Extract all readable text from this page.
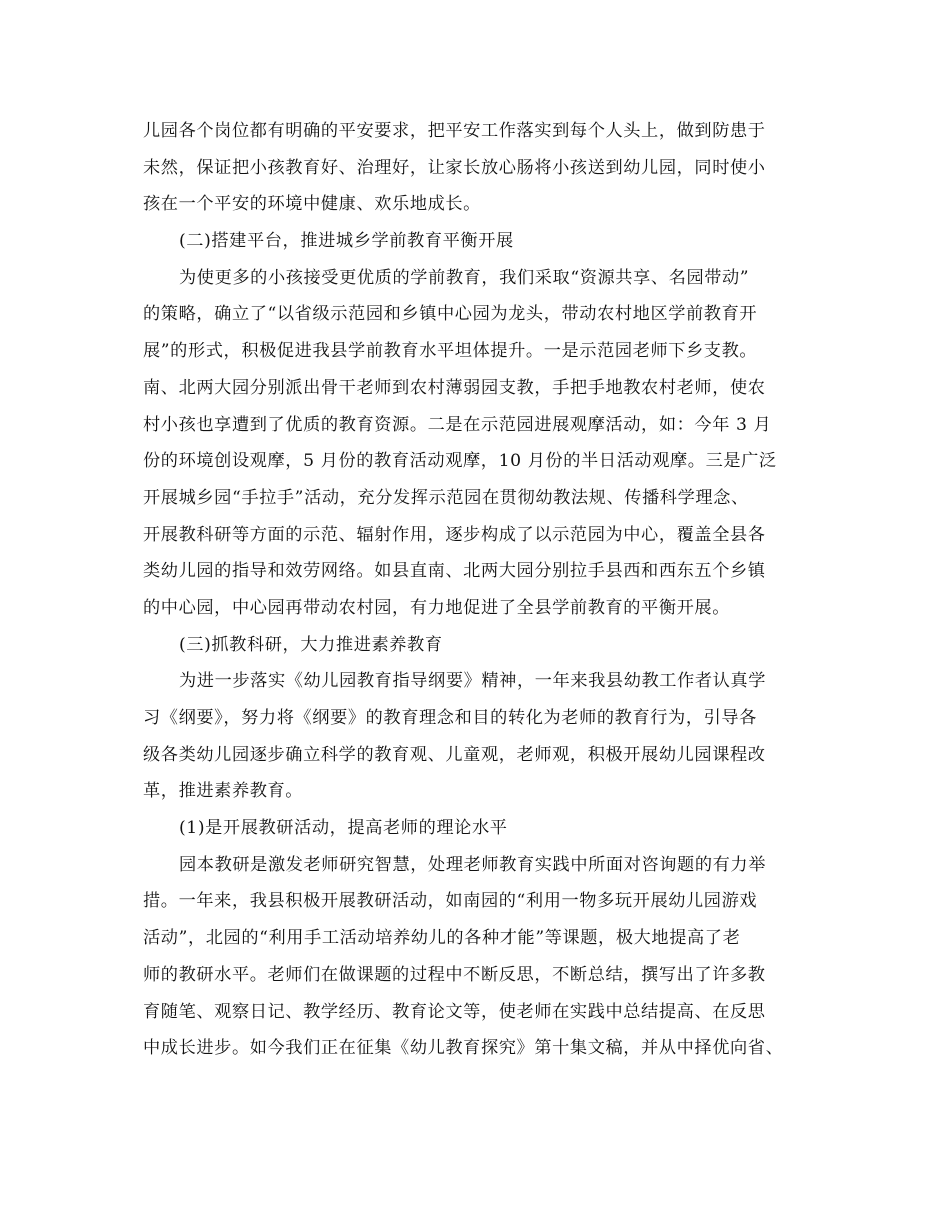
儿园各个岗位都有明确的平安要求，把平安工作落实到每个人头上，做到防患于
未然，保证把小孩教育好、治理好，让家长放心肠将小孩送到幼儿园，同时使小
孩在一个平安的环境中健康、欢乐地成长。
(二)搭建平台，推进城乡学前教育平衡开展
为使更多的小孩接受更优质的学前教育，我们采取“资源共享、名园带动”
的策略，确立了“以省级示范园和乡镇中心园为龙头，带动农村地区学前教育开
展”的形式，积极促进我县学前教育水平坦体提升。一是示范园老师下乡支教。
南、北两大园分别派出骨干老师到农村薄弱园支教，手把手地教农村老师，使农
村小孩也享遭到了优质的教育资源。二是在示范园进展观摩活动，如：今年 3 月
份的环境创设观摩，5 月份的教育活动观摩，10 月份的半日活动观摩。三是广泛
开展城乡园“手拉手”活动，充分发挥示范园在贯彻幼教法规、传播科学理念、
开展教科研等方面的示范、辐射作用，逐步构成了以示范园为中心，覆盖全县各
类幼儿园的指导和效劳网络。如县直南、北两大园分别拉手县西和西东五个乡镇
的中心园，中心园再带动农村园，有力地促进了全县学前教育的平衡开展。
(三)抓教科研，大力推进素养教育
为进一步落实《幼儿园教育指导纲要》精神，一年来我县幼教工作者认真学
习《纲要》，努力将《纲要》的教育理念和目的转化为老师的教育行为，引导各
级各类幼儿园逐步确立科学的教育观、儿童观，老师观，积极开展幼儿园课程改
革，推进素养教育。
(1)是开展教研活动，提高老师的理论水平
园本教研是激发老师研究智慧，处理老师教育实践中所面对咨询题的有力举
措。一年来，我县积极开展教研活动，如南园的“利用一物多玩开展幼儿园游戏
活动”，北园的“利用手工活动培养幼儿的各种才能”等课题，极大地提高了老
师的教研水平。老师们在做课题的过程中不断反思，不断总结，撰写出了许多教
育随笔、观察日记、教学经历、教育论文等，使老师在实践中总结提高、在反思
中成长进步。如今我们正在征集《幼儿教育探究》第十集文稿，并从中择优向省、
